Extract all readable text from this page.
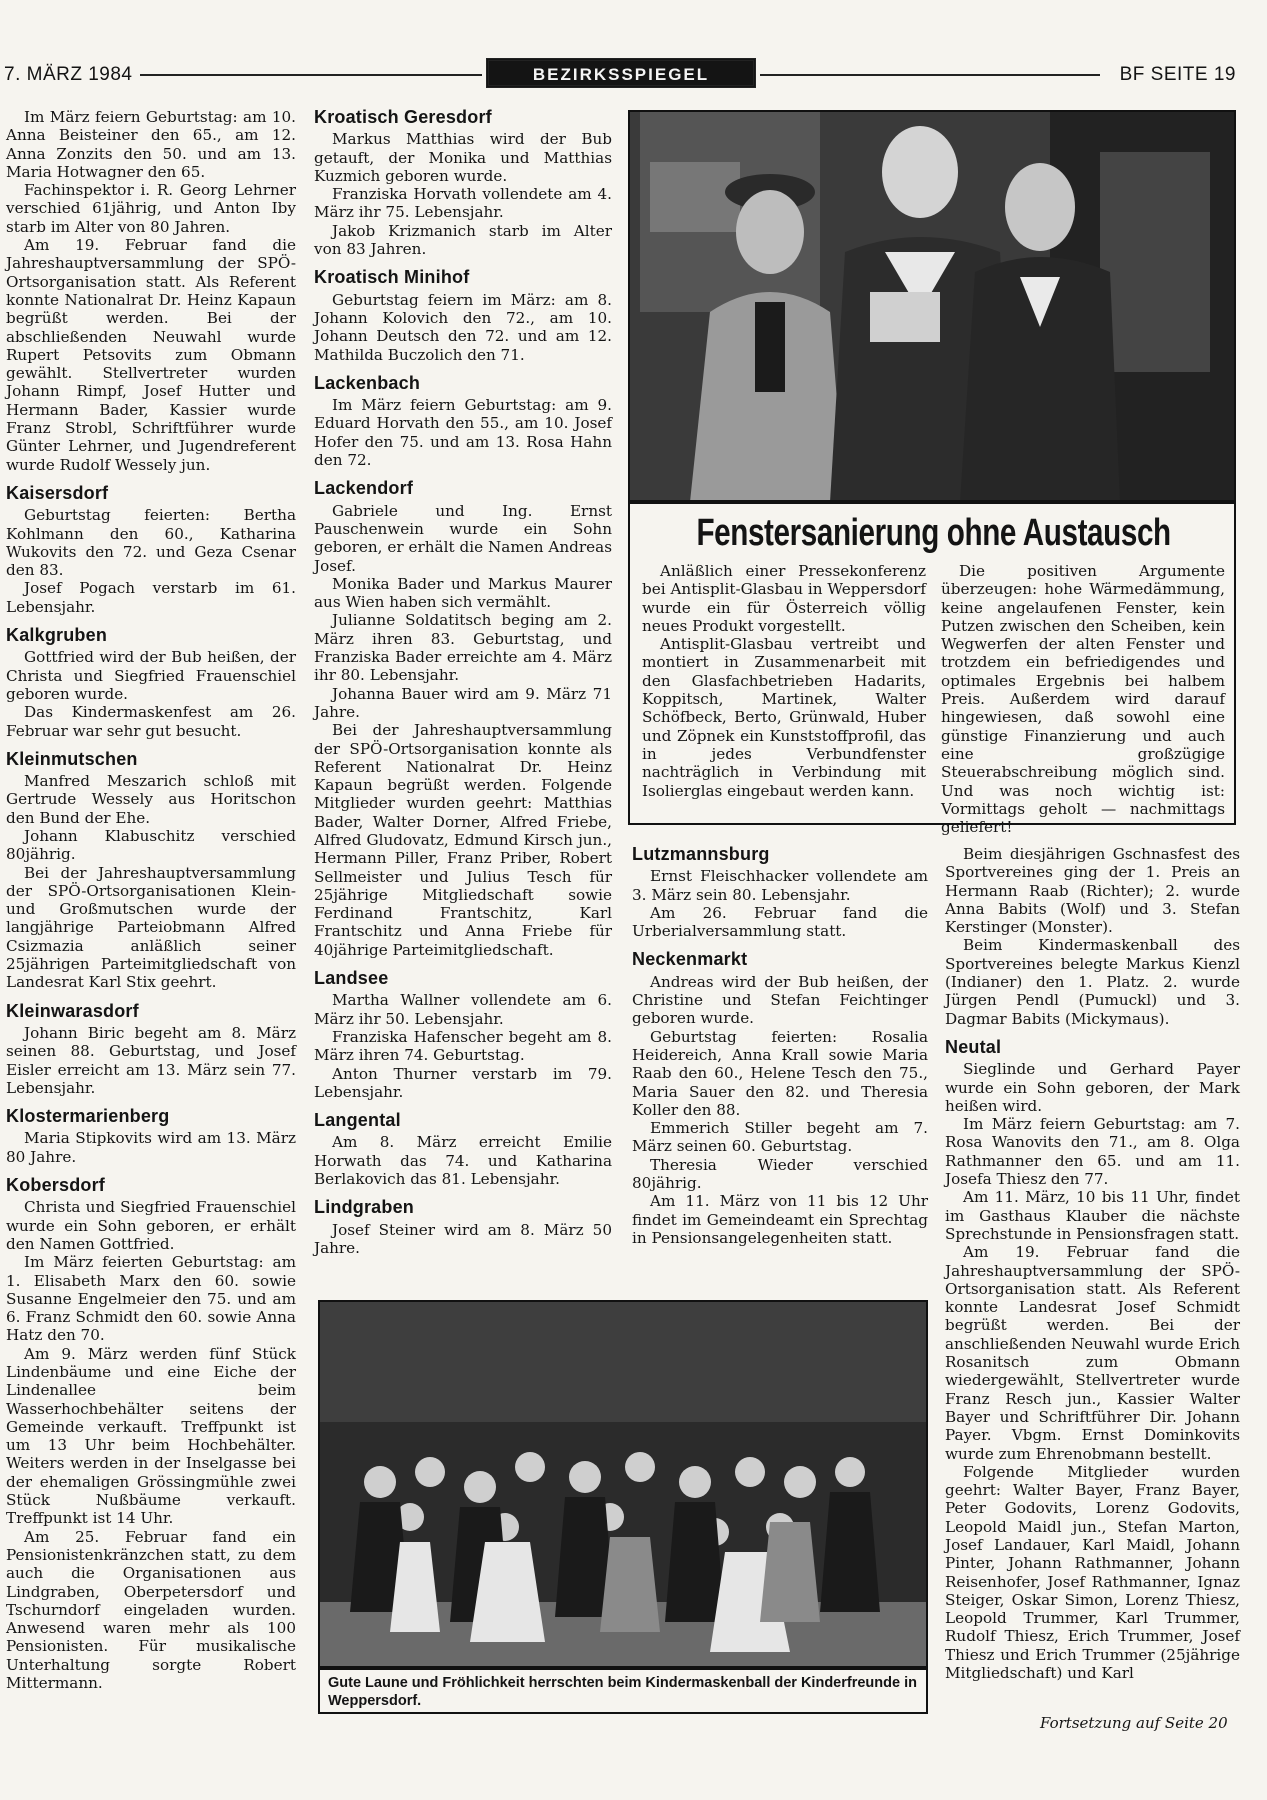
7. MÄRZ 1984	BEZIRKSSPIEGEL	BF SEITE 19

Im März feiern Geburtstag: am 10. Anna Beisteiner den 65., am 12. Anna Zonzits den 50. und am 13. Maria Hotwagner den 65.

Fachinspektor i. R. Georg Lehrner verschied 61jährig, und Anton Iby starb im Alter von 80 Jahren.

Am 19. Februar fand die Jahreshauptversammlung der SPÖ-Ortsorganisation statt. Als Referent konnte Nationalrat Dr. Heinz Kapaun begrüßt werden. Bei der abschließenden Neuwahl wurde Rupert Petsovits zum Obmann gewählt. Stellvertreter wurden Johann Rimpf, Josef Hutter und Hermann Bader, Kassier wurde Franz Strobl, Schriftführer wurde Günter Lehrner, und Jugendreferent wurde Rudolf Wessely jun.

Kaisersdorf

Geburtstag feierten: Bertha Kohlmann den 60., Katharina Wukovits den 72. und Geza Csenar den 83.

Josef Pogach verstarb im 61. Lebensjahr.

Kalkgruben

Gottfried wird der Bub heißen, der Christa und Siegfried Frauenschiel geboren wurde.

Das Kindermaskenfest am 26. Februar war sehr gut besucht.

Kleinmutschen

Manfred Meszarich schloß mit Gertrude Wessely aus Horitschon den Bund der Ehe.

Johann Klabuschitz verschied 80jährig.

Bei der Jahreshauptversammlung der SPÖ-Ortsorganisationen Klein- und Großmutschen wurde der langjährige Parteiobmann Alfred Csizmazia anläßlich seiner 25jährigen Parteimitgliedschaft von Landesrat Karl Stix geehrt.

Kleinwarasdorf

Johann Biric begeht am 8. März seinen 88. Geburtstag, und Josef Eisler erreicht am 13. März sein 77. Lebensjahr.

Klostermarienberg

Maria Stipkovits wird am 13. März 80 Jahre.

Kobersdorf

Christa und Siegfried Frauenschiel wurde ein Sohn geboren, er erhält den Namen Gottfried.

Im März feierten Geburtstag: am 1. Elisabeth Marx den 60. sowie Susanne Engelmeier den 75. und am 6. Franz Schmidt den 60. sowie Anna Hatz den 70.

Am 9. März werden fünf Stück Lindenbäume und eine Eiche der Lindenallee beim Wasserhochbehälter seitens der Gemeinde verkauft. Treffpunkt ist um 13 Uhr beim Hochbehälter. Weiters werden in der Inselgasse bei der ehemaligen Grössingmühle zwei Stück Nußbäume verkauft. Treffpunkt ist 14 Uhr.

Am 25. Februar fand ein Pensionistenkränzchen statt, zu dem auch die Organisationen aus Lindgraben, Oberpetersdorf und Tschurndorf eingeladen wurden. Anwesend waren mehr als 100 Pensionisten. Für musikalische Unterhaltung sorgte Robert Mittermann.

Kroatisch Geresdorf

Markus Matthias wird der Bub getauft, der Monika und Matthias Kuzmich geboren wurde.

Franziska Horvath vollendete am 4. März ihr 75. Lebensjahr.

Jakob Krizmanich starb im Alter von 83 Jahren.

Kroatisch Minihof

Geburtstag feiern im März: am 8. Johann Kolovich den 72., am 10. Johann Deutsch den 72. und am 12. Mathilda Buczolich den 71.

Lackenbach

Im März feiern Geburtstag: am 9. Eduard Horvath den 55., am 10. Josef Hofer den 75. und am 13. Rosa Hahn den 72.

Lackendorf

Gabriele und Ing. Ernst Pauschenwein wurde ein Sohn geboren, er erhält die Namen Andreas Josef.

Monika Bader und Markus Maurer aus Wien haben sich vermählt.

Julianne Soldatitsch beging am 2. März ihren 83. Geburtstag, und Franziska Bader erreichte am 4. März ihr 80. Lebensjahr.

Johanna Bauer wird am 9. März 71 Jahre.

Bei der Jahreshauptversammlung der SPÖ-Ortsorganisation konnte als Referent Nationalrat Dr. Heinz Kapaun begrüßt werden. Folgende Mitglieder wurden geehrt: Matthias Bader, Walter Dorner, Alfred Friebe, Alfred Gludovatz, Edmund Kirsch jun., Hermann Piller, Franz Priber, Robert Sellmeister und Julius Tesch für 25jährige Mitgliedschaft sowie Ferdinand Frantschitz, Karl Frantschitz und Anna Friebe für 40jährige Parteimitgliedschaft.

Landsee

Martha Wallner vollendete am 6. März ihr 50. Lebensjahr.

Franziska Hafenscher begeht am 8. März ihren 74. Geburtstag.

Anton Thurner verstarb im 79. Lebensjahr.

Langental

Am 8. März erreicht Emilie Horwath das 74. und Katharina Berlakovich das 81. Lebensjahr.

Lindgraben

Josef Steiner wird am 8. März 50 Jahre.

Fenstersanierung ohne Austausch

Anläßlich einer Pressekonferenz bei Antisplit-Glasbau in Weppersdorf wurde ein für Österreich völlig neues Produkt vorgestellt.

Antisplit-Glasbau vertreibt und montiert in Zusammenarbeit mit den Glasfachbetrieben Hadarits, Koppitsch, Martinek, Walter Schöfbeck, Berto, Grünwald, Huber und Zöpnek ein Kunststoffprofil, das in jedes Verbundfenster nachträglich in Verbindung mit Isolierglas eingebaut werden kann.

Die positiven Argumente überzeugen: hohe Wärmedämmung, keine angelaufenen Fenster, kein Putzen zwischen den Scheiben, kein Wegwerfen der alten Fenster und trotzdem ein befriedigendes und optimales Ergebnis bei halbem Preis. Außerdem wird darauf hingewiesen, daß sowohl eine günstige Finanzierung und auch eine großzügige Steuerabschreibung möglich sind. Und was noch wichtig ist: Vormittags geholt — nachmittags geliefert!

Lutzmannsburg

Ernst Fleischhacker vollendete am 3. März sein 80. Lebensjahr.

Am 26. Februar fand die Urberialversammlung statt.

Neckenmarkt

Andreas wird der Bub heißen, der Christine und Stefan Feichtinger geboren wurde.

Geburtstag feierten: Rosalia Heidereich, Anna Krall sowie Maria Raab den 60., Helene Tesch den 75., Maria Sauer den 82. und Theresia Koller den 88.

Emmerich Stiller begeht am 7. März seinen 60. Geburtstag.

Theresia Wieder verschied 80jährig.

Am 11. März von 11 bis 12 Uhr findet im Gemeindeamt ein Sprechtag in Pensionsangelegenheiten statt.

Beim diesjährigen Gschnasfest des Sportvereines ging der 1. Preis an Hermann Raab (Richter); 2. wurde Anna Babits (Wolf) und 3. Stefan Kerstinger (Monster).

Beim Kindermaskenball des Sportvereines belegte Markus Kienzl (Indianer) den 1. Platz. 2. wurde Jürgen Pendl (Pumuckl) und 3. Dagmar Babits (Mickymaus).

Neutal

Sieglinde und Gerhard Payer wurde ein Sohn geboren, der Mark heißen wird.

Im März feiern Geburtstag: am 7. Rosa Wanovits den 71., am 8. Olga Rathmanner den 65. und am 11. Josefa Thiesz den 77.

Am 11. März, 10 bis 11 Uhr, findet im Gasthaus Klauber die nächste Sprechstunde in Pensionsfragen statt.

Am 19. Februar fand die Jahreshauptversammlung der SPÖ-Ortsorganisation statt. Als Referent konnte Landesrat Josef Schmidt begrüßt werden. Bei der anschließenden Neuwahl wurde Erich Rosanitsch zum Obmann wiedergewählt, Stellvertreter wurde Franz Resch jun., Kassier Walter Bayer und Schriftführer Dir. Johann Payer. Vbgm. Ernst Dominkovits wurde zum Ehrenobmann bestellt.

Folgende Mitglieder wurden geehrt: Walter Bayer, Franz Bayer, Peter Godovits, Lorenz Godovits, Leopold Maidl jun., Stefan Marton, Josef Landauer, Karl Maidl, Johann Pinter, Johann Rathmanner, Johann Reisenhofer, Josef Rathmanner, Ignaz Steiger, Oskar Simon, Lorenz Thiesz, Leopold Trummer, Karl Trummer, Rudolf Thiesz, Erich Trummer, Josef Thiesz und Erich Trummer (25jährige Mitgliedschaft) und Karl

Gute Laune und Fröhlichkeit herrschten beim Kindermaskenball der Kinderfreunde in Weppersdorf.
Fortsetzung auf Seite 20
